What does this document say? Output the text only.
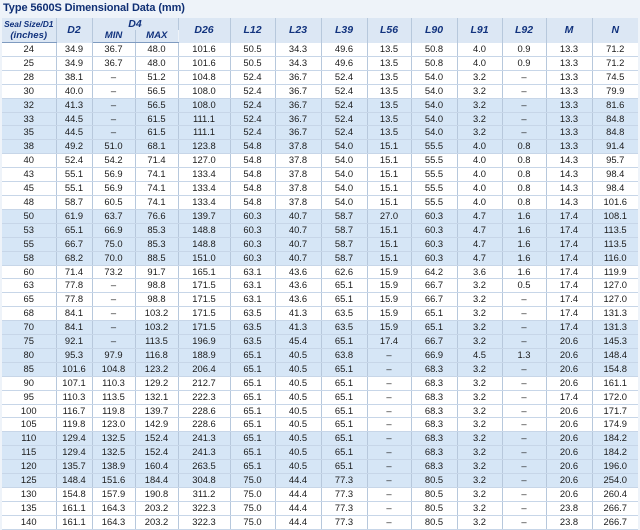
Type 5600S Dimensional Data (mm)
Seal Size/D1	D2	D4		D26	L12	L23	L39	L56	L90	L91	L92	M	N
(inches)		MIN	MAX										
24	34.9	36.7	48.0	101.6	50.5	34.3	49.6	13.5	50.8	4.0	0.9	13.3	71.2
25	34.9	36.7	48.0	101.6	50.5	34.3	49.6	13.5	50.8	4.0	0.9	13.3	71.2
28	38.1	–	51.2	104.8	52.4	36.7	52.4	13.5	54.0	3.2	–	13.3	74.5
30	40.0	–	56.5	108.0	52.4	36.7	52.4	13.5	54.0	3.2	–	13.3	79.9
32	41.3	–	56.5	108.0	52.4	36.7	52.4	13.5	54.0	3.2	–	13.3	81.6
33	44.5	–	61.5	111.1	52.4	36.7	52.4	13.5	54.0	3.2	–	13.3	84.8
35	44.5	–	61.5	111.1	52.4	36.7	52.4	13.5	54.0	3.2	–	13.3	84.8
38	49.2	51.0	68.1	123.8	54.8	37.8	54.0	15.1	55.5	4.0	0.8	13.3	91.4
40	52.4	54.2	71.4	127.0	54.8	37.8	54.0	15.1	55.5	4.0	0.8	14.3	95.7
43	55.1	56.9	74.1	133.4	54.8	37.8	54.0	15.1	55.5	4.0	0.8	14.3	98.4
45	55.1	56.9	74.1	133.4	54.8	37.8	54.0	15.1	55.5	4.0	0.8	14.3	98.4
48	58.7	60.5	74.1	133.4	54.8	37.8	54.0	15.1	55.5	4.0	0.8	14.3	101.6
50	61.9	63.7	76.6	139.7	60.3	40.7	58.7	27.0	60.3	4.7	1.6	17.4	108.1
53	65.1	66.9	85.3	148.8	60.3	40.7	58.7	15.1	60.3	4.7	1.6	17.4	113.5
55	66.7	75.0	85.3	148.8	60.3	40.7	58.7	15.1	60.3	4.7	1.6	17.4	113.5
58	68.2	70.0	88.5	151.0	60.3	40.7	58.7	15.1	60.3	4.7	1.6	17.4	116.0
60	71.4	73.2	91.7	165.1	63.1	43.6	62.6	15.9	64.2	3.6	1.6	17.4	119.9
63	77.8	–	98.8	171.5	63.1	43.6	65.1	15.9	66.7	3.2	0.5	17.4	127.0
65	77.8	–	98.8	171.5	63.1	43.6	65.1	15.9	66.7	3.2	–	17.4	127.0
68	84.1	–	103.2	171.5	63.5	41.3	63.5	15.9	65.1	3.2	–	17.4	131.3
70	84.1	–	103.2	171.5	63.5	41.3	63.5	15.9	65.1	3.2	–	17.4	131.3
75	92.1	–	113.5	196.9	63.5	45.4	65.1	17.4	66.7	3.2	–	20.6	145.3
80	95.3	97.9	116.8	188.9	65.1	40.5	63.8	–	66.9	4.5	1.3	20.6	148.4
85	101.6	104.8	123.2	206.4	65.1	40.5	65.1	–	68.3	3.2	–	20.6	154.8
90	107.1	110.3	129.2	212.7	65.1	40.5	65.1	–	68.3	3.2	–	20.6	161.1
95	110.3	113.5	132.1	222.3	65.1	40.5	65.1	–	68.3	3.2	–	17.4	172.0
100	116.7	119.8	139.7	228.6	65.1	40.5	65.1	–	68.3	3.2	–	20.6	171.7
105	119.8	123.0	142.9	228.6	65.1	40.5	65.1	–	68.3	3.2	–	20.6	174.9
110	129.4	132.5	152.4	241.3	65.1	40.5	65.1	–	68.3	3.2	–	20.6	184.2
115	129.4	132.5	152.4	241.3	65.1	40.5	65.1	–	68.3	3.2	–	20.6	184.2
120	135.7	138.9	160.4	263.5	65.1	40.5	65.1	–	68.3	3.2	–	20.6	196.0
125	148.4	151.6	184.4	304.8	75.0	44.4	77.3	–	80.5	3.2	–	20.6	254.0
130	154.8	157.9	190.8	311.2	75.0	44.4	77.3	–	80.5	3.2	–	20.6	260.4
135	161.1	164.3	203.2	322.3	75.0	44.4	77.3	–	80.5	3.2	–	23.8	266.7
140	161.1	164.3	203.2	322.3	75.0	44.4	77.3	–	80.5	3.2	–	23.8	266.7
